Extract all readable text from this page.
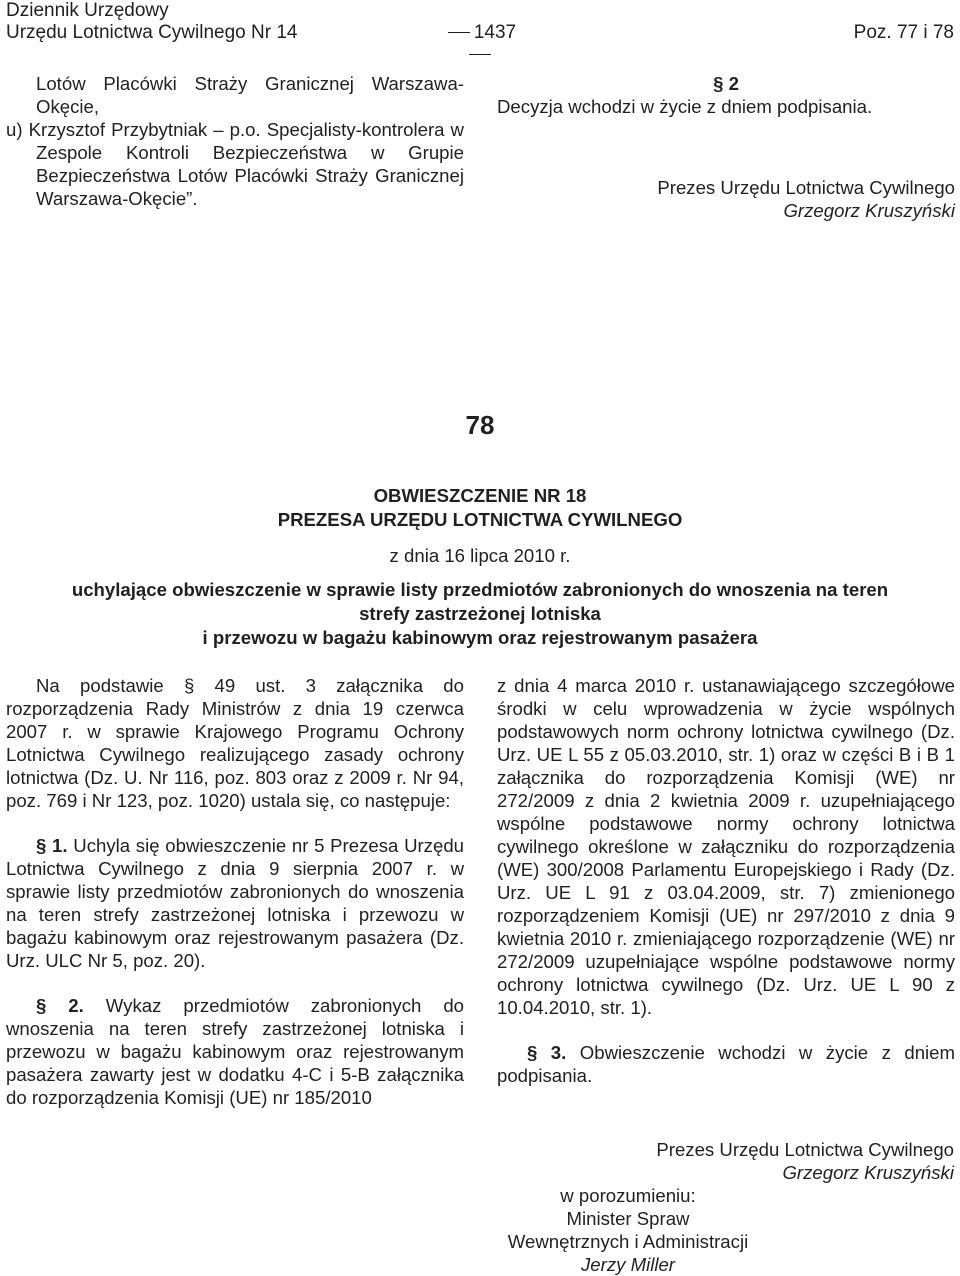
Dziennik Urzędowy
Urzędu Lotnictwa Cywilnego Nr 14	1437	Poz. 77 i 78
Lotów Placówki Straży Granicznej Warszawa-Okęcie,
u) Krzysztof Przybytniak – p.o. Specjalisty-kontrolera w Zespole Kontroli Bezpieczeństwa w Grupie Bezpieczeństwa Lotów Placówki Straży Granicznej Warszawa-Okęcie”.
§ 2
Decyzja wchodzi w życie z dniem podpisania.
Prezes Urzędu Lotnictwa Cywilnego
Grzegorz Kruszyński
78
OBWIESZCZENIE NR 18
PREZESA URZĘDU LOTNICTWA CYWILNEGO
z dnia 16 lipca 2010 r.
uchylające obwieszczenie w sprawie listy przedmiotów zabronionych do wnoszenia na teren
strefy zastrzeżonej lotniska
i przewozu w bagażu kabinowym oraz rejestrowanym pasażera
Na podstawie § 49 ust. 3 załącznika do rozporządzenia Rady Ministrów z dnia 19 czerwca 2007 r. w sprawie Krajowego Programu Ochrony Lotnictwa Cywilnego realizującego zasady ochrony lotnictwa (Dz. U. Nr 116, poz. 803 oraz z 2009 r. Nr 94, poz. 769 i Nr 123, poz. 1020) ustala się, co następuje:
§ 1. Uchyla się obwieszczenie nr 5 Prezesa Urzędu Lotnictwa Cywilnego z dnia 9 sierpnia 2007 r. w sprawie listy przedmiotów zabronionych do wnoszenia na teren strefy zastrzeżonej lotniska i przewozu w bagażu kabinowym oraz rejestrowanym pasażera (Dz. Urz. ULC Nr 5, poz. 20).
§ 2. Wykaz przedmiotów zabronionych do wnoszenia na teren strefy zastrzeżonej lotniska i przewozu w bagażu kabinowym oraz rejestrowanym pasażera zawarty jest w dodatku 4-C i 5-B załącznika do rozporządzenia Komisji (UE) nr 185/2010
z dnia 4 marca 2010 r. ustanawiającego szczegółowe środki w celu wprowadzenia w życie wspólnych podstawowych norm ochrony lotnictwa cywilnego (Dz. Urz. UE L 55 z 05.03.2010, str. 1) oraz w części B i B 1 załącznika do rozporządzenia Komisji (WE) nr 272/2009 z dnia 2 kwietnia 2009 r. uzupełniającego wspólne podstawowe normy ochrony lotnictwa cywilnego określone w załączniku do rozporządzenia (WE) 300/2008 Parlamentu Europejskiego i Rady (Dz. Urz. UE L 91 z 03.04.2009, str. 7) zmienionego rozporządzeniem Komisji (UE) nr 297/2010 z dnia 9 kwietnia 2010 r. zmieniającego rozporządzenie (WE) nr 272/2009 uzupełniające wspólne podstawowe normy ochrony lotnictwa cywilnego (Dz. Urz. UE L 90 z 10.04.2010, str. 1).
§ 3. Obwieszczenie wchodzi w życie z dniem podpisania.
Prezes Urzędu Lotnictwa Cywilnego
Grzegorz Kruszyński
w porozumieniu:
Minister Spraw
Wewnętrznych i Administracji
Jerzy Miller
